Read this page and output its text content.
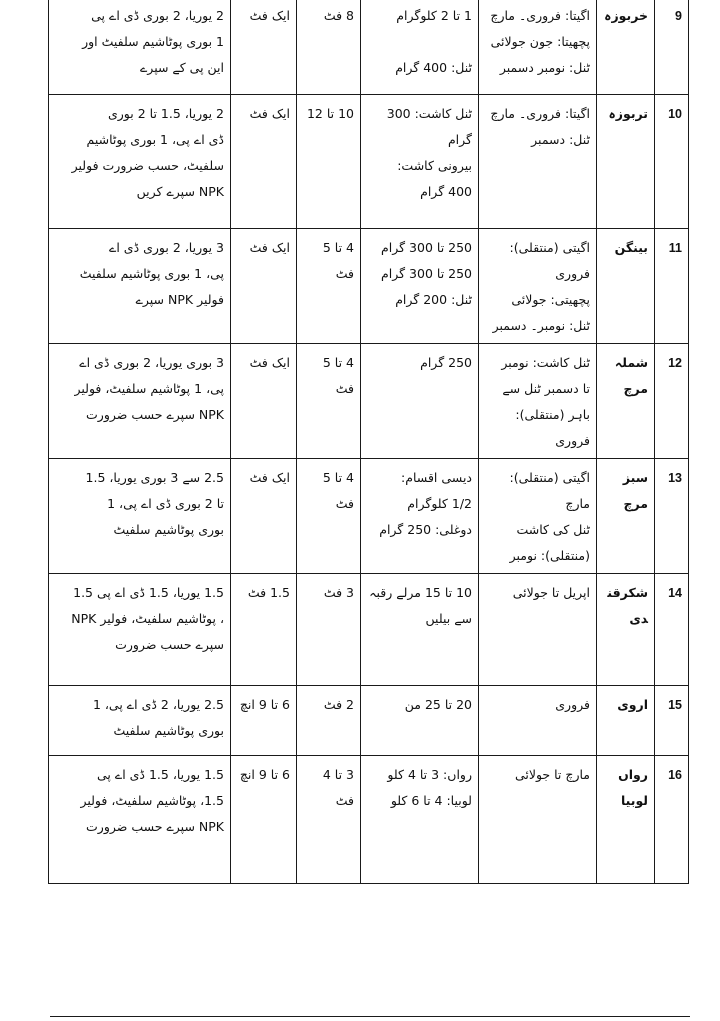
9	خربوزہ	اگیتا: فروری۔ مارچ
پچھیتا: جون جولائی
ٹنل: نومبر دسمبر	1 تا 2 کلوگرام

ٹنل: 400 گرام	8 فٹ	ایک فٹ	2 یوریا، 2 بوری ڈی اے پی
1 بوری پوٹاشیم سلفیٹ اور
این پی کے سپرے

10	تربوزہ	اگیتا: فروری۔ مارچ
ٹنل: دسمبر	ٹنل کاشت: 300
گرام
بیرونی کاشت:
400 گرام	10 تا 12	ایک فٹ	2 یوریا، 1.5 تا 2 بوری
ڈی اے پی، 1 بوری پوٹاشیم
سلفیٹ، حسب ضرورت فولیر
NPK سپرے کریں

11	بینگن	اگیتی (منتقلی): فروری
پچھیتی: جولائی
ٹنل: نومبر۔ دسمبر	250 تا 300 گرام
250 تا 300 گرام
ٹنل: 200 گرام	4 تا 5 فٹ	ایک فٹ	3 یوریا، 2 بوری ڈی اے
پی، 1 بوری پوٹاشیم سلفیٹ
فولیر NPK سپرے

12	شملہ مرچ	ٹنل کاشت: نومبر
تا دسمبر ٹنل سے
باہر (منتقلی): فروری	250 گرام	4 تا 5 فٹ	ایک فٹ	3 بوری یوریا، 2 بوری ڈی اے
پی، 1 پوٹاشیم سلفیٹ، فولیر
NPK سپرے حسب ضرورت

13	سبز مرچ	اگیتی (منتقلی): مارچ
ٹنل کی کاشت
(منتقلی): نومبر	دیسی اقسام:
1/2 کلوگرام
دوغلی: 250 گرام	4 تا 5 فٹ	ایک فٹ	2.5 سے 3 بوری یوریا، 1.5
تا 2 بوری ڈی اے پی، 1
بوری پوٹاشیم سلفیٹ

14	شکرقندی	اپریل تا جولائی	10 تا 15 مرلے رقبہ
سے بیلیں	3 فٹ	1.5 فٹ	1.5 یوریا، 1.5 ڈی اے پی 1.5
، پوٹاشیم سلفیٹ، فولیر NPK
سپرے حسب ضرورت

15	اروی	فروری	20 تا 25 من	2 فٹ	6 تا 9 انچ	2.5 یوریا، 2 ڈی اے پی، 1
بوری پوٹاشیم سلفیٹ

16	رواں لوبیا	مارچ تا جولائی	رواں: 3 تا 4 کلو
لوبیا: 4 تا 6 کلو	3 تا 4 فٹ	6 تا 9 انچ	1.5 یوریا، 1.5 ڈی اے پی
1.5، پوٹاشیم سلفیٹ، فولیر
NPK سپرے حسب ضرورت
